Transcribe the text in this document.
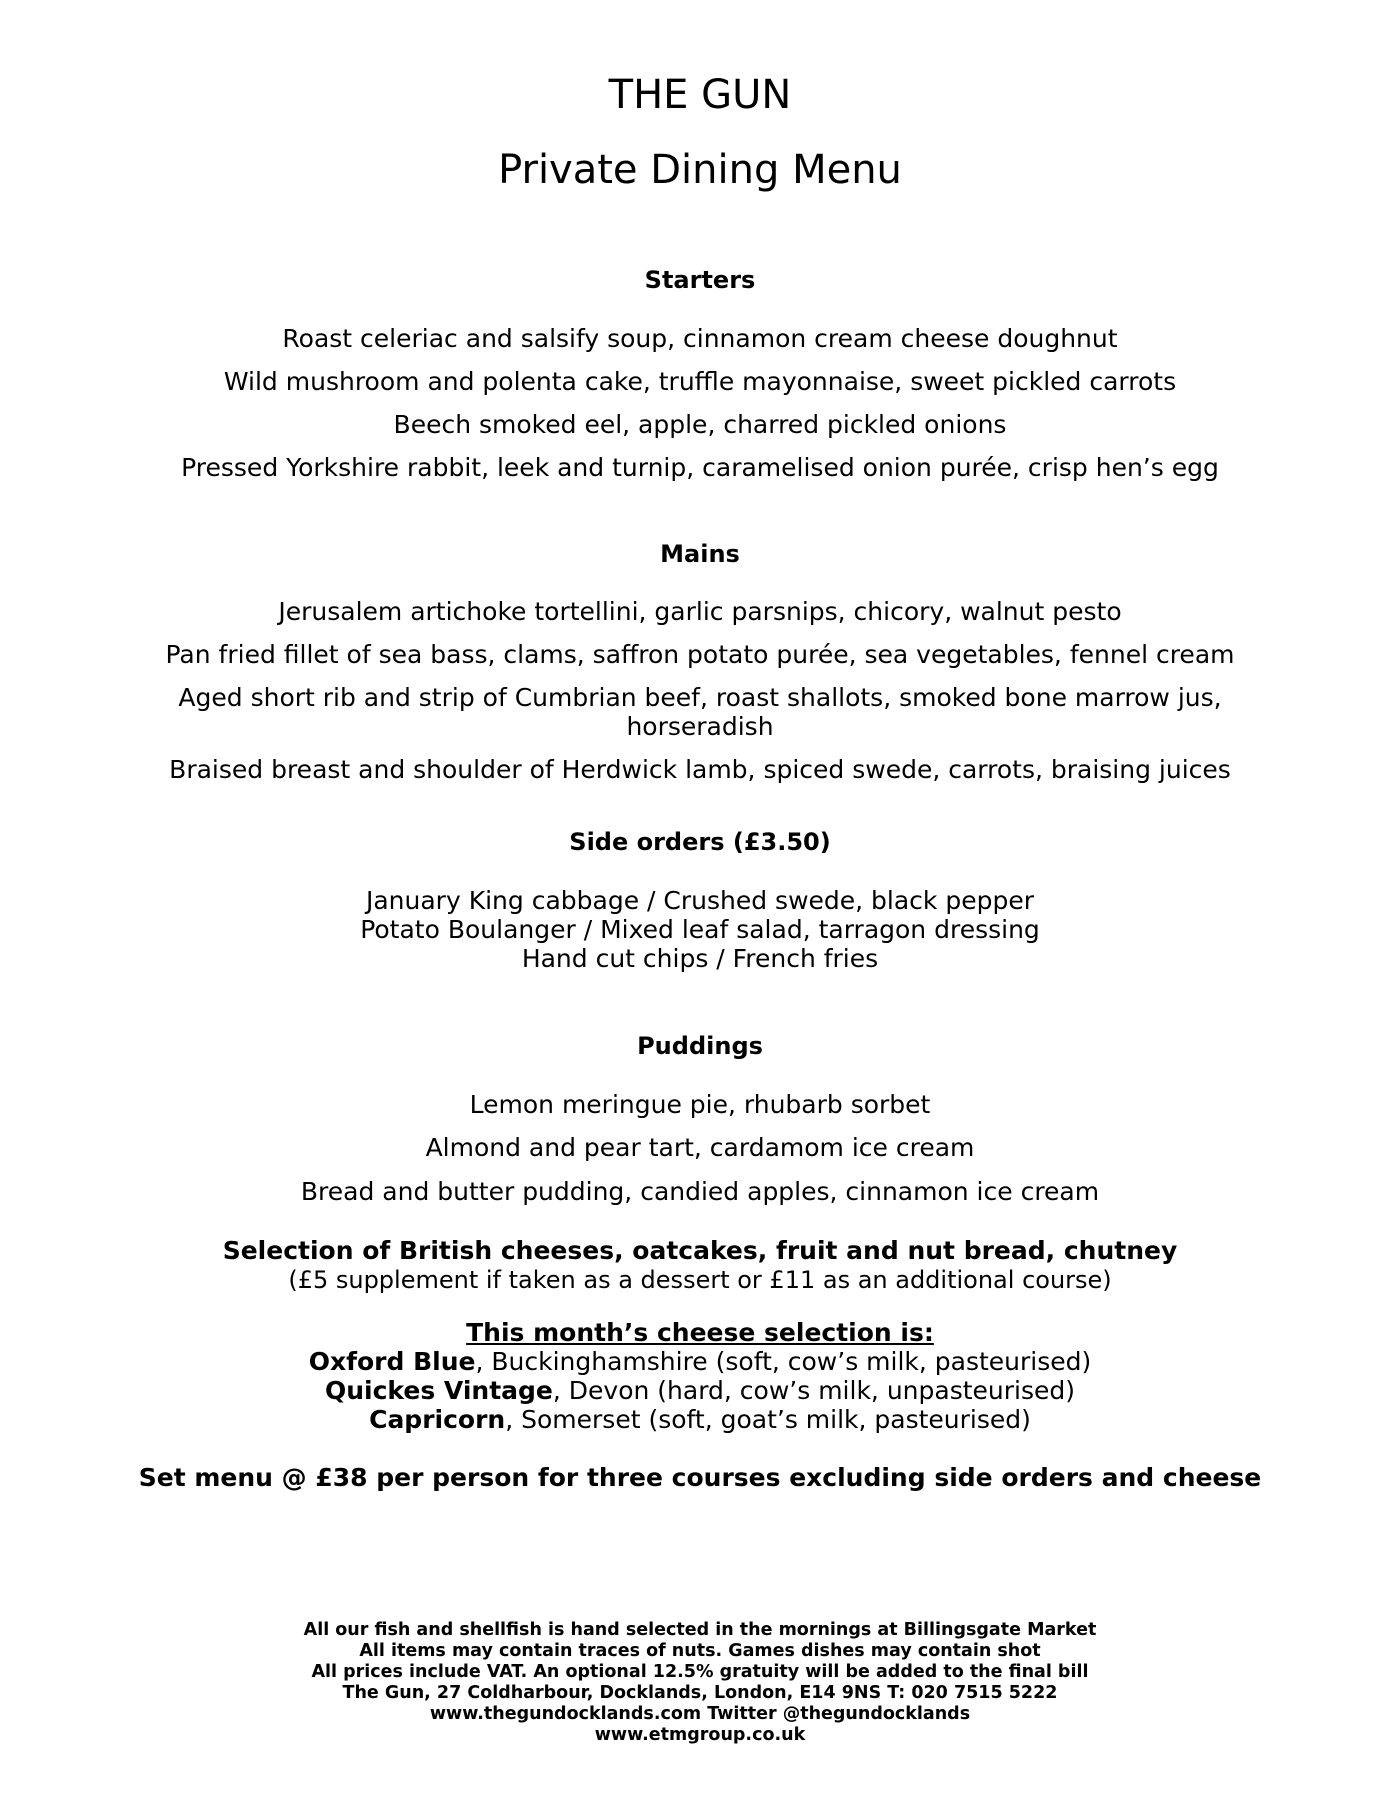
THE GUN
Private Dining Menu
Starters
Roast celeriac and salsify soup, cinnamon cream cheese doughnut
Wild mushroom and polenta cake, truffle mayonnaise, sweet pickled carrots
Beech smoked eel, apple, charred pickled onions
Pressed Yorkshire rabbit, leek and turnip, caramelised onion purée, crisp hen’s egg
Mains
Jerusalem artichoke tortellini, garlic parsnips, chicory, walnut pesto
Pan fried fillet of sea bass, clams, saffron potato purée, sea vegetables, fennel cream
Aged short rib and strip of Cumbrian beef, roast shallots, smoked bone marrow jus,
horseradish
Braised breast and shoulder of Herdwick lamb, spiced swede, carrots, braising juices
Side orders (£3.50)
January King cabbage / Crushed swede, black pepper
Potato Boulanger / Mixed leaf salad, tarragon dressing
Hand cut chips / French fries
Puddings
Lemon meringue pie, rhubarb sorbet
Almond and pear tart, cardamom ice cream
Bread and butter pudding, candied apples, cinnamon ice cream
Selection of British cheeses, oatcakes, fruit and nut bread, chutney
(£5 supplement if taken as a dessert or £11 as an additional course)
This month’s cheese selection is:
Oxford Blue, Buckinghamshire (soft, cow’s milk, pasteurised)
Quickes Vintage, Devon (hard, cow’s milk, unpasteurised)
Capricorn, Somerset (soft, goat’s milk, pasteurised)
Set menu @ £38 per person for three courses excluding side orders and cheese
All our fish and shellfish is hand selected in the mornings at Billingsgate Market
All items may contain traces of nuts. Games dishes may contain shot
All prices include VAT. An optional 12.5% gratuity will be added to the final bill
The Gun, 27 Coldharbour, Docklands, London, E14 9NS T: 020 7515 5222
www.thegundocklands.com Twitter @thegundocklands
www.etmgroup.co.uk
